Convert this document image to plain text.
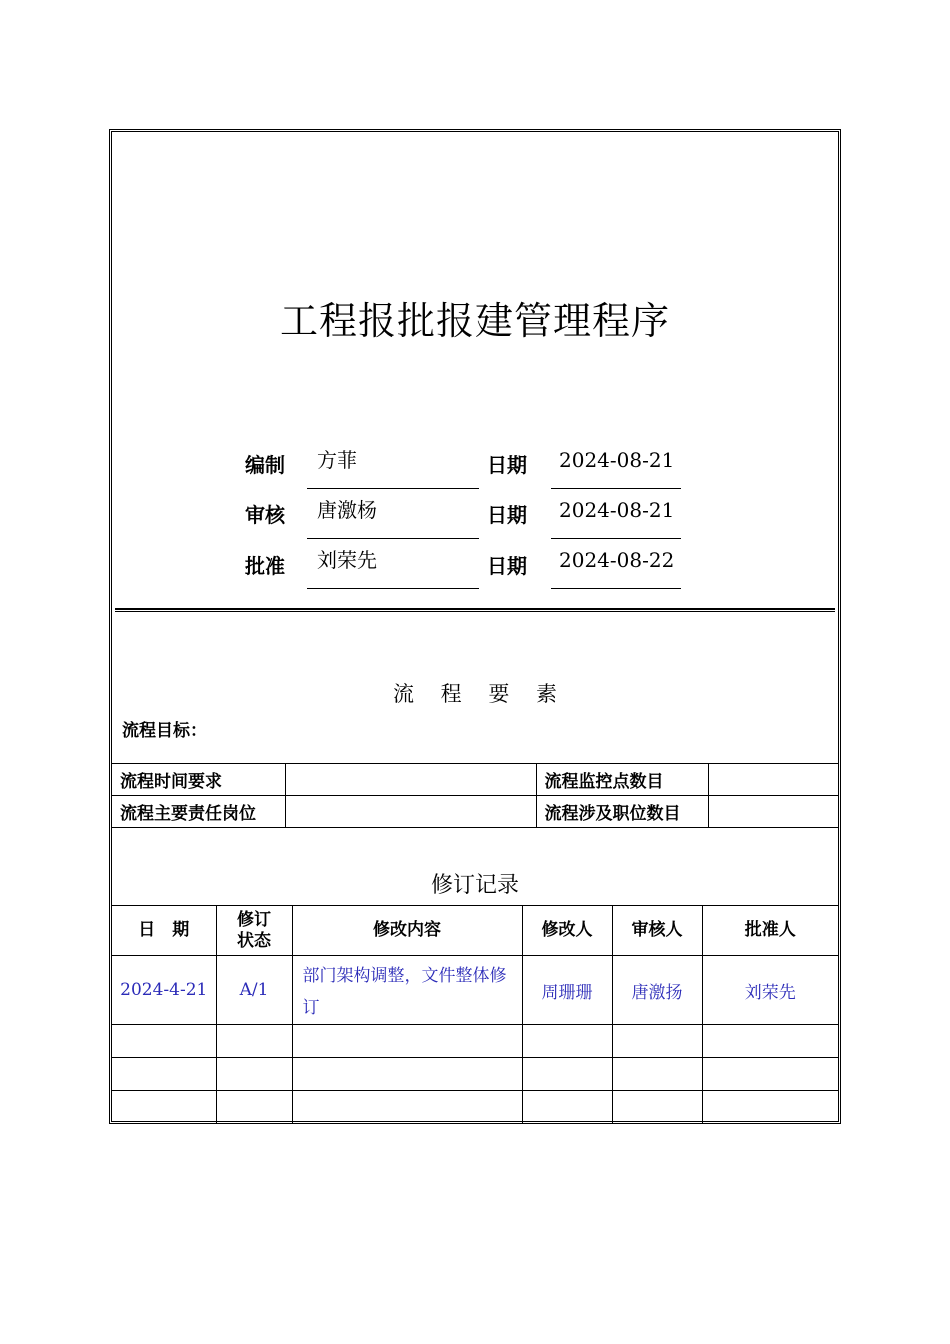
工程报批报建管理程序
编制	方菲	日期	2024-08-21
审核	唐激杨	日期	2024-08-21
批准	刘荣先	日期	2024-08-22
流 程 要 素
流程目标：
流程时间要求		流程监控点数目	
流程主要责任岗位		流程涉及职位数目	
修订记录
日　期	修订状态	修改内容	修改人	审核人	批准人
2024-4-21	A/1	部门架构调整，文件整体修订	周珊珊	唐激扬	刘荣先
